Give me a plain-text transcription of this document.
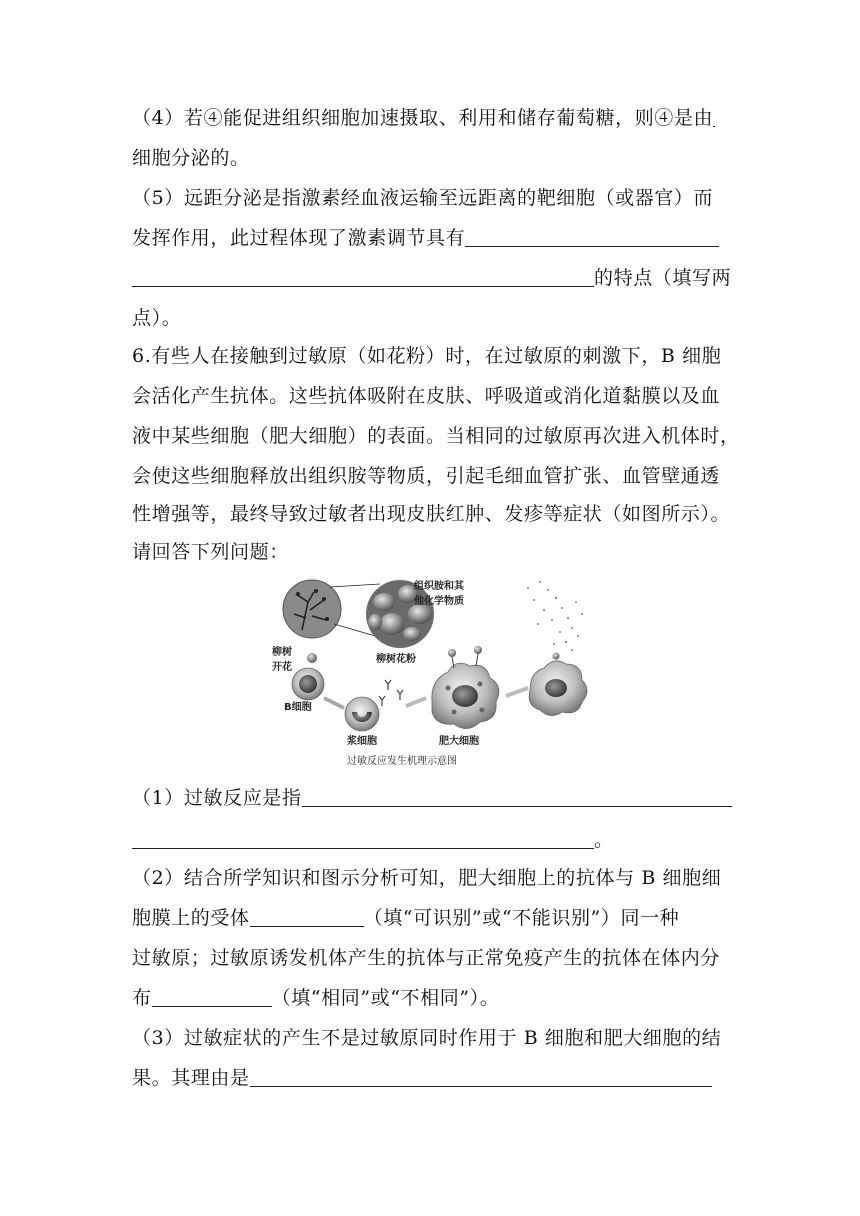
（4）若④能促进组织细胞加速摄取、利用和储存葡萄糖，则④是由
细胞分泌的。
（5）远距分泌是指激素经血液运输至远距离的靶细胞（或器官）而
发挥作用，此过程体现了激素调节具有
的特点（填写两
点）。
6.有些人在接触到过敏原（如花粉）时，在过敏原的刺激下，B 细胞
会活化产生抗体。这些抗体吸附在皮肤、呼吸道或消化道黏膜以及血
液中某些细胞（肥大细胞）的表面。当相同的过敏原再次进入机体时，
会使这些细胞释放出组织胺等物质，引起毛细血管扩张、血管壁通透
性增强等，最终导致过敏者出现皮肤红肿、发疹等症状（如图所示）。
请回答下列问题：
组织胺和其
他化学物质
柳树
开花
柳树花粉
B细胞
浆细胞	肥大细胞
过敏反应发生机理示意图
（1）过敏反应是指
。
（2）结合所学知识和图示分析可知，肥大细胞上的抗体与 B 细胞细
胞膜上的受体	（填“可识别”或“不能识别”）同一种
过敏原；过敏原诱发机体产生的抗体与正常免疫产生的抗体在体内分
布	（填“相同”或“不相同”）。
（3）过敏症状的产生不是过敏原同时作用于 B 细胞和肥大细胞的结
果。其理由是
